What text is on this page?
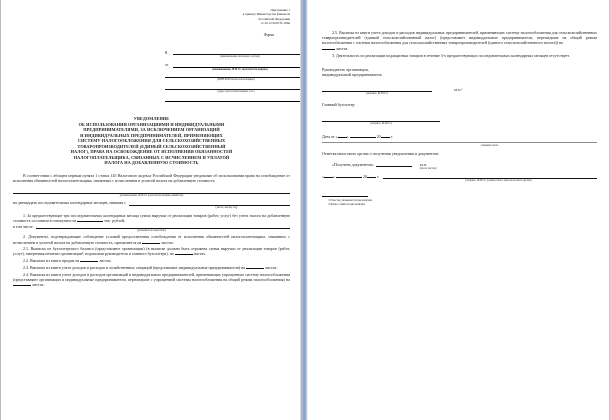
Приложение 1
к приказу Министерства финансов
Российской Федерации
от 26.12.2018 № 286н
Форма
В
(наименование налогового органа)
от
(наименование, Ф.И.О.¹ налогоплательщика)
(ИНН/КПП налогоплательщика)
(адрес налогоплательщика, тел.)
УВЕДОМЛЕНИЕ
ОБ ИСПОЛЬЗОВАНИИ ОРГАНИЗАЦИЯМИ И ИНДИВИДУАЛЬНЫМИ
ПРЕДПРИНИМАТЕЛЯМИ, ЗА ИСКЛЮЧЕНИЕМ ОРГАНИЗАЦИЙ
И ИНДИВИДУАЛЬНЫХ ПРЕДПРИНИМАТЕЛЕЙ, ПРИМЕНЯЮЩИХ
СИСТЕМУ НАЛОГООБЛОЖЕНИЯ ДЛЯ СЕЛЬСКОХОЗЯЙСТВЕННЫХ
ТОВАРОПРОИЗВОДИТЕЛЕЙ (ЕДИНЫЙ СЕЛЬСКОХОЗЯЙСТВЕННЫЙ
НАЛОГ), ПРАВА НА ОСВОБОЖДЕНИЕ ОТ ИСПОЛНЕНИЯ ОБЯЗАННОСТЕЙ
НАЛОГОПЛАТЕЛЬЩИКА, СВЯЗАННЫХ С ИСЧИСЛЕНИЕМ И УПЛАТОЙ
НАЛОГА НА ДОБАВЛЕННУЮ СТОИМОСТЬ
В соответствии с абзацем первым пункта 1 статьи 145 Налогового кодекса Российской Федерации уведомляю об использовании права на освобождение от исполнения обязанностей налогоплательщика, связанных с исчислением и уплатой налога на добавленную стоимость
(наименование, Ф.И.О.¹ налогоплательщика-заявителя)
на двенадцать последовательных календарных месяцев, начиная с
(число, месяц, год)
1. За предшествующие три последовательных календарных месяца сумма выручки от реализации товаров (работ, услуг) без учета налога на добавленную стоимость составила в совокупности	тыс. рублей,
в том числе
(указывается помесячно)
2. Документы, подтверждающие соблюдение условий предоставления освобождения от исполнения обязанностей налогоплательщика, связанных с исчислением и уплатой налога на добавленную стоимость, прилагаются на	листах:
2.1. Выписка из бухгалтерского баланса (представляют организации) (в выписке должна быть отражена сумма выручки от реализации товаров (работ, услуг), заверенная печатью организации², подписями руководителя и главного бухгалтера), на	листах.
2.2. Выписка из книги продаж на	листах.
2.3. Выписка из книги учета доходов и расходов и хозяйственных операций (представляют индивидуальные предприниматели) на	листах.
2.4. Выписка из книги учета доходов и расходов организаций и индивидуальных предпринимателей, применяющих упрощенную систему налогообложения (представляют организации и индивидуальные предприниматели, перешедшие с упрощенной системы налогообложения на общий режим налогообложения) на  листах.
2.5. Выписка из книги учета доходов и расходов индивидуальных предпринимателей, применяющих систему налогообложения для сельскохозяйственных товаропроизводителей (единый сельскохозяйственный налог) (представляют индивидуальные предприниматели, перешедшие на общий режим налогообложения с системы налогообложения для сельскохозяйственных товаропроизводителей (единого сельскохозяйственного налога)) на
листах.
3. Деятельность по реализации подакцизных товаров в течение 3-х предшествующих последовательных календарных месяцев отсутствует.
Руководитель организации,
индивидуальный предприниматель
М.П.²
(подпись, Ф.И.О.¹)
Главный бухгалтер
(подпись, Ф.И.О.¹)
Дата от « »	20	г.
отрывная часть
Отметка налогового органа о получении уведомления и документов:
«Получено документов»	М.П.
(число листов)
« »	20	г.
(подпись, Ф.И.О.¹ должностного лица налогового органа)
¹ Отчество указывается при наличии.
² Печать ставится при наличии.
